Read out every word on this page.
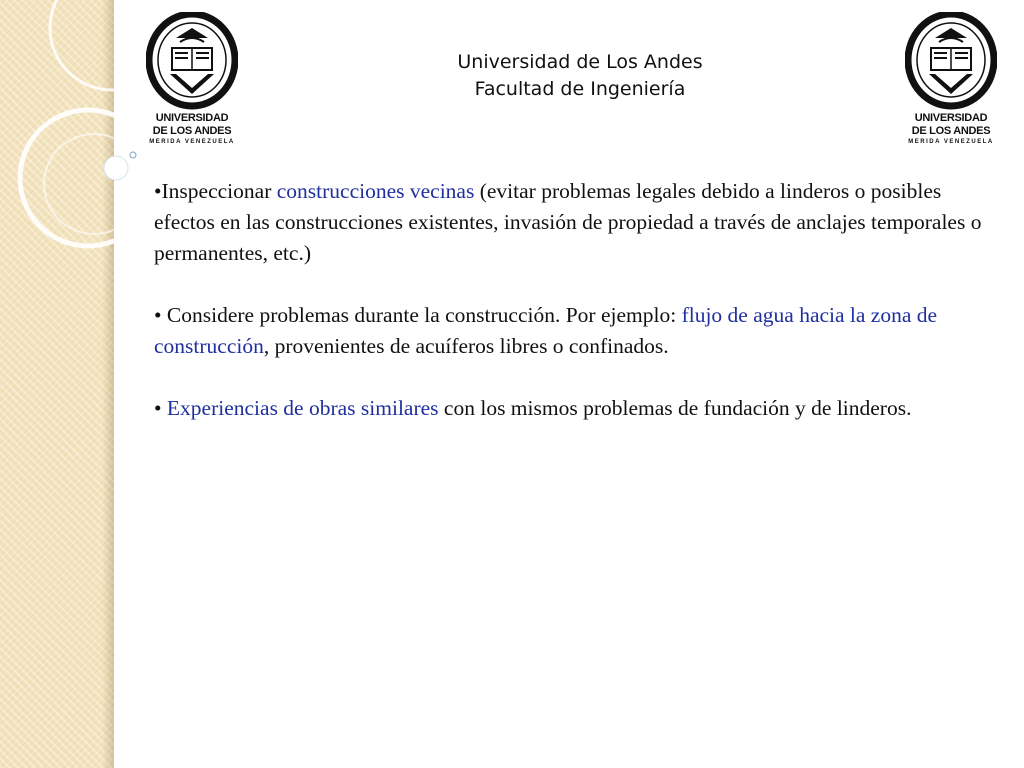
UNIVERSIDAD
DE LOS ANDES
MERIDA VENEZUELA
UNIVERSIDAD
DE LOS ANDES
MERIDA VENEZUELA
Universidad de Los Andes
Facultad de Ingeniería

•Inspeccionar construcciones vecinas (evitar problemas legales debido a linderos o posibles efectos en las construcciones existentes, invasión de propiedad a través de anclajes temporales o permanentes, etc.)

• Considere problemas durante la construcción. Por ejemplo: flujo de agua hacia la zona de construcción, provenientes de acuíferos libres o confinados.

• Experiencias de obras similares con los mismos problemas de fundación y de linderos.
